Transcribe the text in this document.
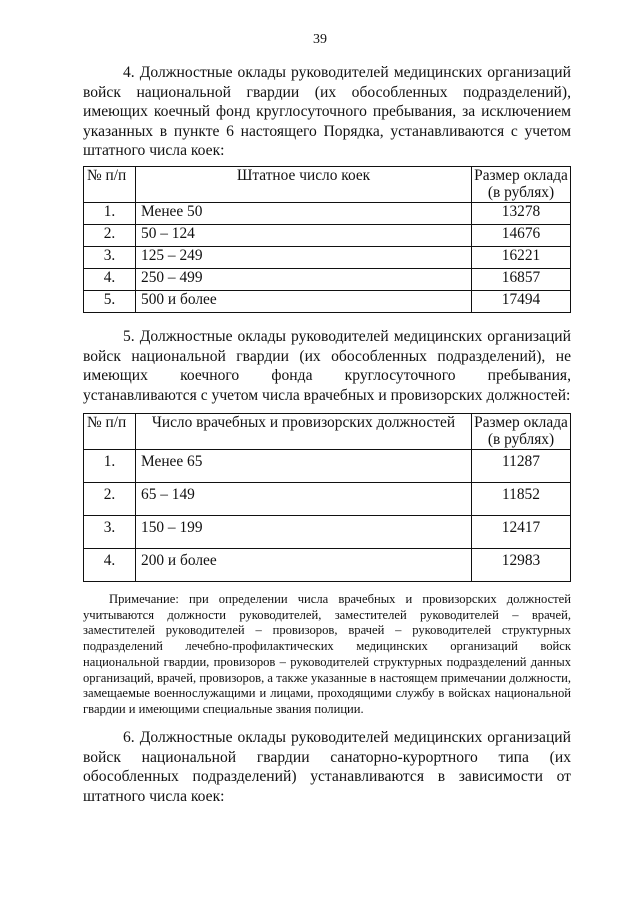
39

4. Должностные оклады руководителей медицинских организаций войск национальной гвардии (их обособленных подразделений), имеющих коечный фонд круглосуточного пребывания, за исключением указанных в пункте 6 настоящего Порядка, устанавливаются с учетом штатного числа коек:

№ п/п	Штатное число коек	Размер оклада
(в рублях)
1.	Менее 50	13278
2.	50 – 124	14676
3.	125 – 249	16221
4.	250 – 499	16857
5.	500 и более	17494

5. Должностные оклады руководителей медицинских организаций войск национальной гвардии (их обособленных подразделений), не имеющих коечного фонда круглосуточного пребывания, устанавливаются с учетом числа врачебных и провизорских должностей:

№ п/п	Число врачебных и провизорских должностей	Размер оклада
(в рублях)
1.	Менее 65	11287
2.	65 – 149	11852
3.	150 – 199	12417
4.	200 и более	12983

Примечание: при определении числа врачебных и провизорских должностей учитываются должности руководителей, заместителей руководителей – врачей, заместителей руководителей – провизоров, врачей – руководителей структурных подразделений лечебно-профилактических медицинских организаций войск национальной гвардии, провизоров – руководителей структурных подразделений данных организаций, врачей, провизоров, а также указанные в настоящем примечании должности, замещаемые военнослужащими и лицами, проходящими службу в войсках национальной гвардии и имеющими специальные звания полиции.

6. Должностные оклады руководителей медицинских организаций войск национальной гвардии санаторно-курортного типа (их обособленных подразделений) устанавливаются в зависимости от штатного числа коек:
